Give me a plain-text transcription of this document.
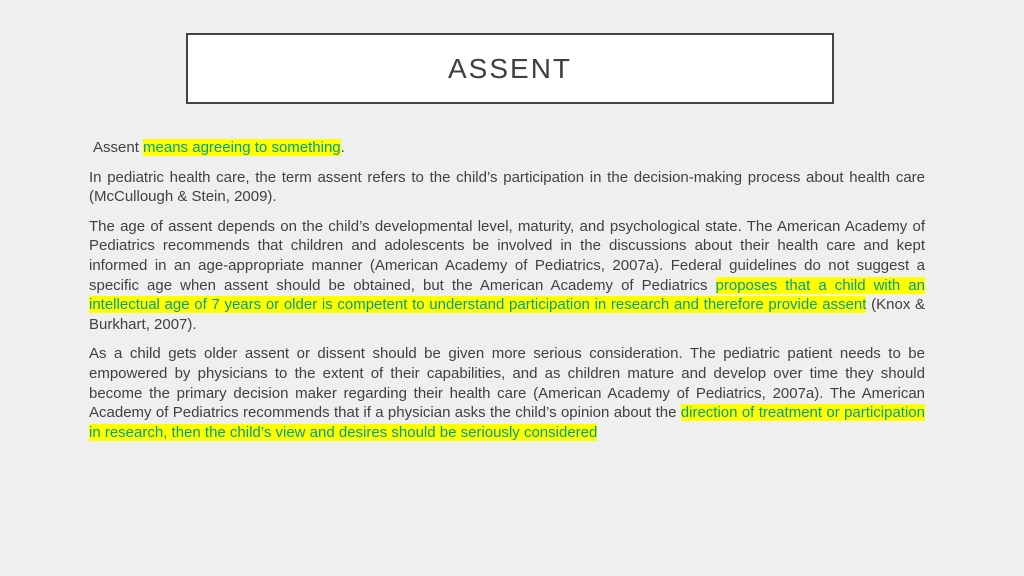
ASSENT

Assent means agreeing to something.

In pediatric health care, the term assent refers to the child’s participation in the decision-making process about health care (McCullough & Stein, 2009).

The age of assent depends on the child’s developmental level, maturity, and psychological state. The American Academy of Pediatrics recommends that children and adolescents be involved in the discussions about their health care and kept informed in an age-appropriate manner (American Academy of Pediatrics, 2007a). Federal guidelines do not suggest a specific age when assent should be obtained, but the American Academy of Pediatrics proposes that a child with an intellectual age of 7 years or older is competent to understand participation in research and therefore provide assent (Knox & Burkhart, 2007).

As a child gets older assent or dissent should be given more serious consideration. The pediatric patient needs to be empowered by physicians to the extent of their capabilities, and as children mature and develop over time they should become the primary decision maker regarding their health care (American Academy of Pediatrics, 2007a). The American Academy of Pediatrics recommends that if a physician asks the child’s opinion about the direction of treatment or participation in research, then the child’s view and desires should be seriously considered
